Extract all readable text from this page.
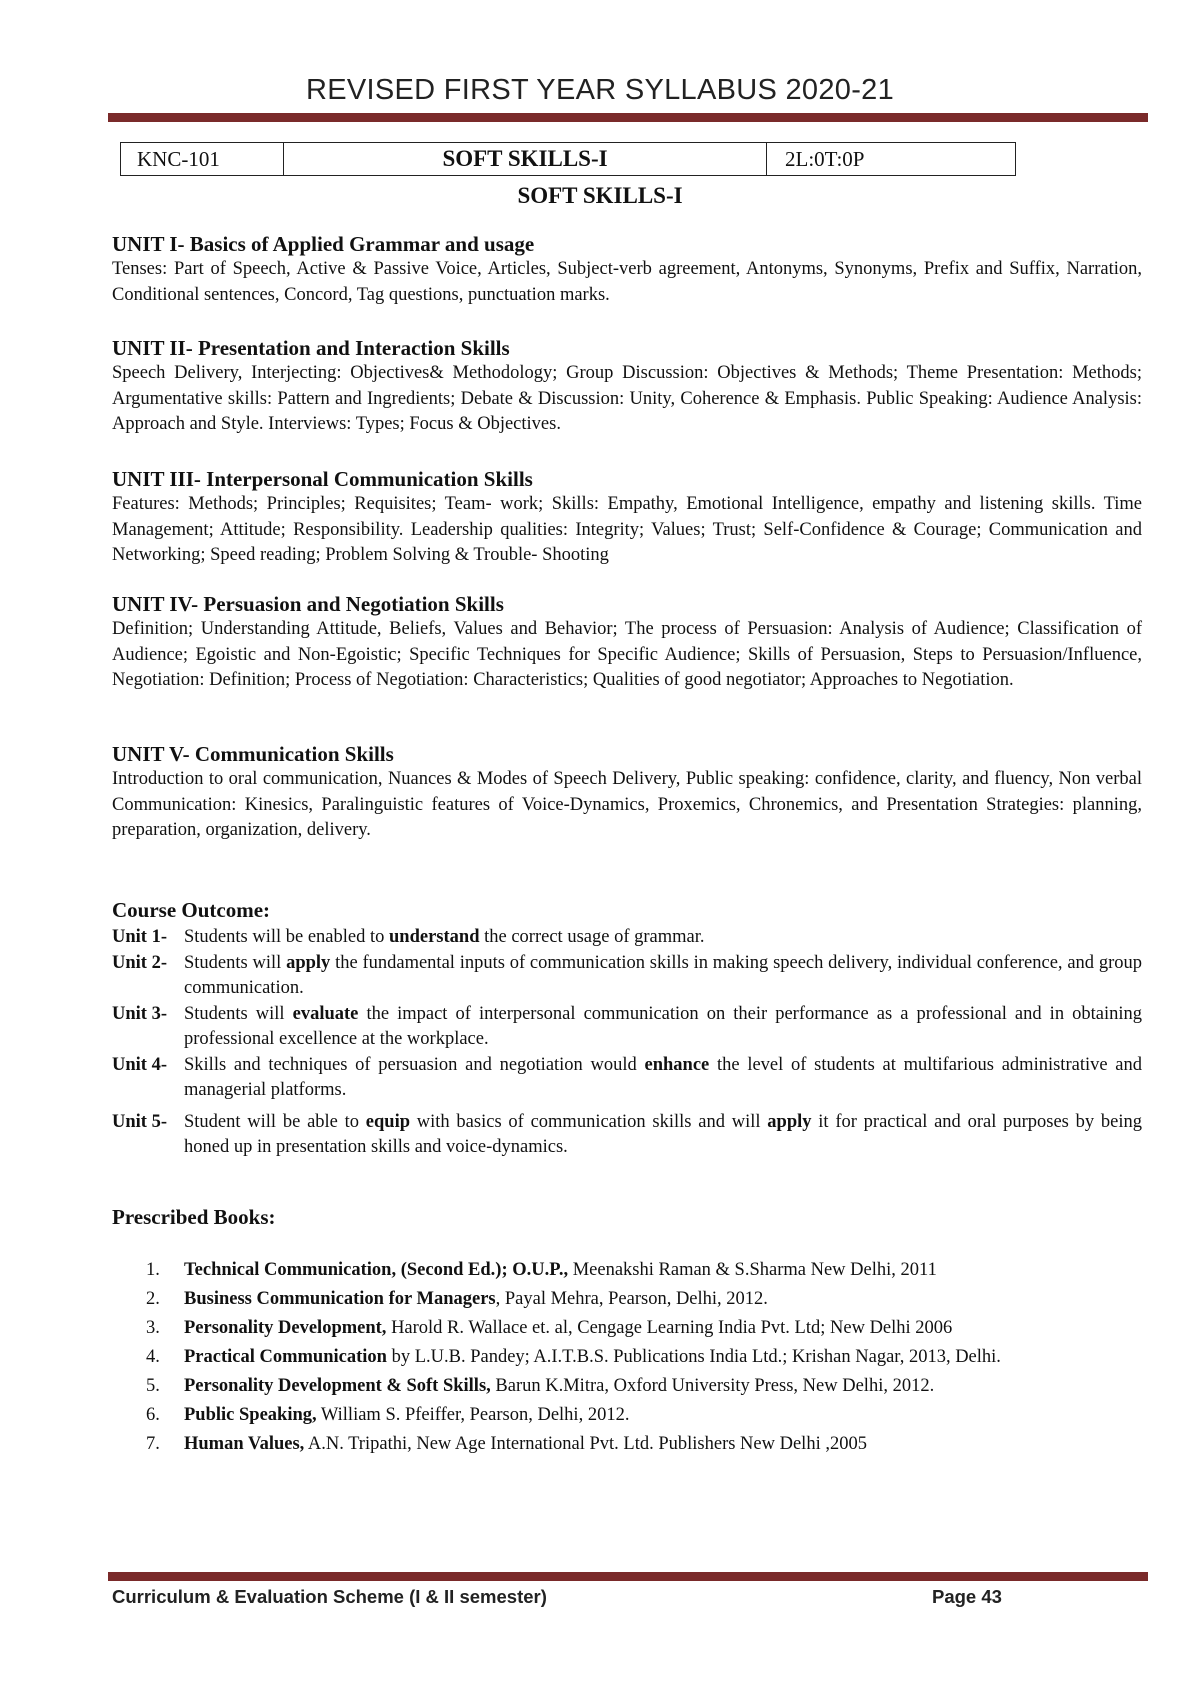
REVISED FIRST YEAR SYLLABUS 2020-21
KNC-101	SOFT SKILLS-I	2L:0T:0P
SOFT SKILLS-I

UNIT I- Basics of Applied Grammar and usage

Tenses: Part of Speech, Active & Passive Voice, Articles, Subject-verb agreement, Antonyms, Synonyms, Prefix and Suffix, Narration, Conditional sentences, Concord, Tag questions, punctuation marks.

UNIT II- Presentation and Interaction Skills

Speech Delivery, Interjecting: Objectives& Methodology; Group Discussion: Objectives & Methods; Theme Presentation: Methods; Argumentative skills: Pattern and Ingredients; Debate & Discussion: Unity, Coherence & Emphasis. Public Speaking: Audience Analysis: Approach and Style. Interviews: Types; Focus & Objectives.

UNIT III- Interpersonal Communication Skills

Features: Methods; Principles; Requisites; Team- work; Skills: Empathy, Emotional Intelligence, empathy and listening skills. Time Management; Attitude; Responsibility. Leadership qualities: Integrity; Values; Trust; Self-Confidence & Courage; Communication and Networking; Speed reading; Problem Solving & Trouble- Shooting

UNIT IV- Persuasion and Negotiation Skills

Definition; Understanding Attitude, Beliefs, Values and Behavior; The process of Persuasion: Analysis of Audience; Classification of Audience; Egoistic and Non-Egoistic; Specific Techniques for Specific Audience; Skills of Persuasion, Steps to Persuasion/Influence, Negotiation: Definition; Process of Negotiation: Characteristics; Qualities of good negotiator; Approaches to Negotiation.

UNIT V- Communication Skills

Introduction to oral communication, Nuances & Modes of Speech Delivery, Public speaking: confidence, clarity, and fluency, Non verbal Communication: Kinesics, Paralinguistic features of Voice-Dynamics, Proxemics, Chronemics, and Presentation Strategies: planning, preparation, organization, delivery.

Course Outcome:
Unit 1- Students will be enabled to understand the correct usage of grammar.
Unit 2- Students will apply the fundamental inputs of communication skills in making speech delivery, individual conference, and group communication.
Unit 3- Students will evaluate the impact of interpersonal communication on their performance as a professional and in obtaining professional excellence at the workplace.
Unit 4- Skills and techniques of persuasion and negotiation would enhance the level of students at multifarious administrative and managerial platforms.
Unit 5- Student will be able to equip with basics of communication skills and will apply it for practical and oral purposes by being honed up in presentation skills and voice-dynamics.
Prescribed Books:
1.	Technical Communication, (Second Ed.); O.U.P., Meenakshi Raman & S.Sharma New Delhi, 2011
2.	Business Communication for Managers, Payal Mehra, Pearson, Delhi, 2012.
3.	Personality Development, Harold R. Wallace et. al, Cengage Learning India Pvt. Ltd; New Delhi 2006
4.	Practical Communication by L.U.B. Pandey; A.I.T.B.S. Publications India Ltd.; Krishan Nagar, 2013, Delhi.
5.	Personality Development & Soft Skills, Barun K.Mitra, Oxford University Press, New Delhi, 2012.
6.	Public Speaking, William S. Pfeiffer, Pearson, Delhi, 2012.
7.	Human Values, A.N. Tripathi, New Age International Pvt. Ltd. Publishers New Delhi ,2005
Curriculum & Evaluation Scheme (I & II semester)	Page 43
